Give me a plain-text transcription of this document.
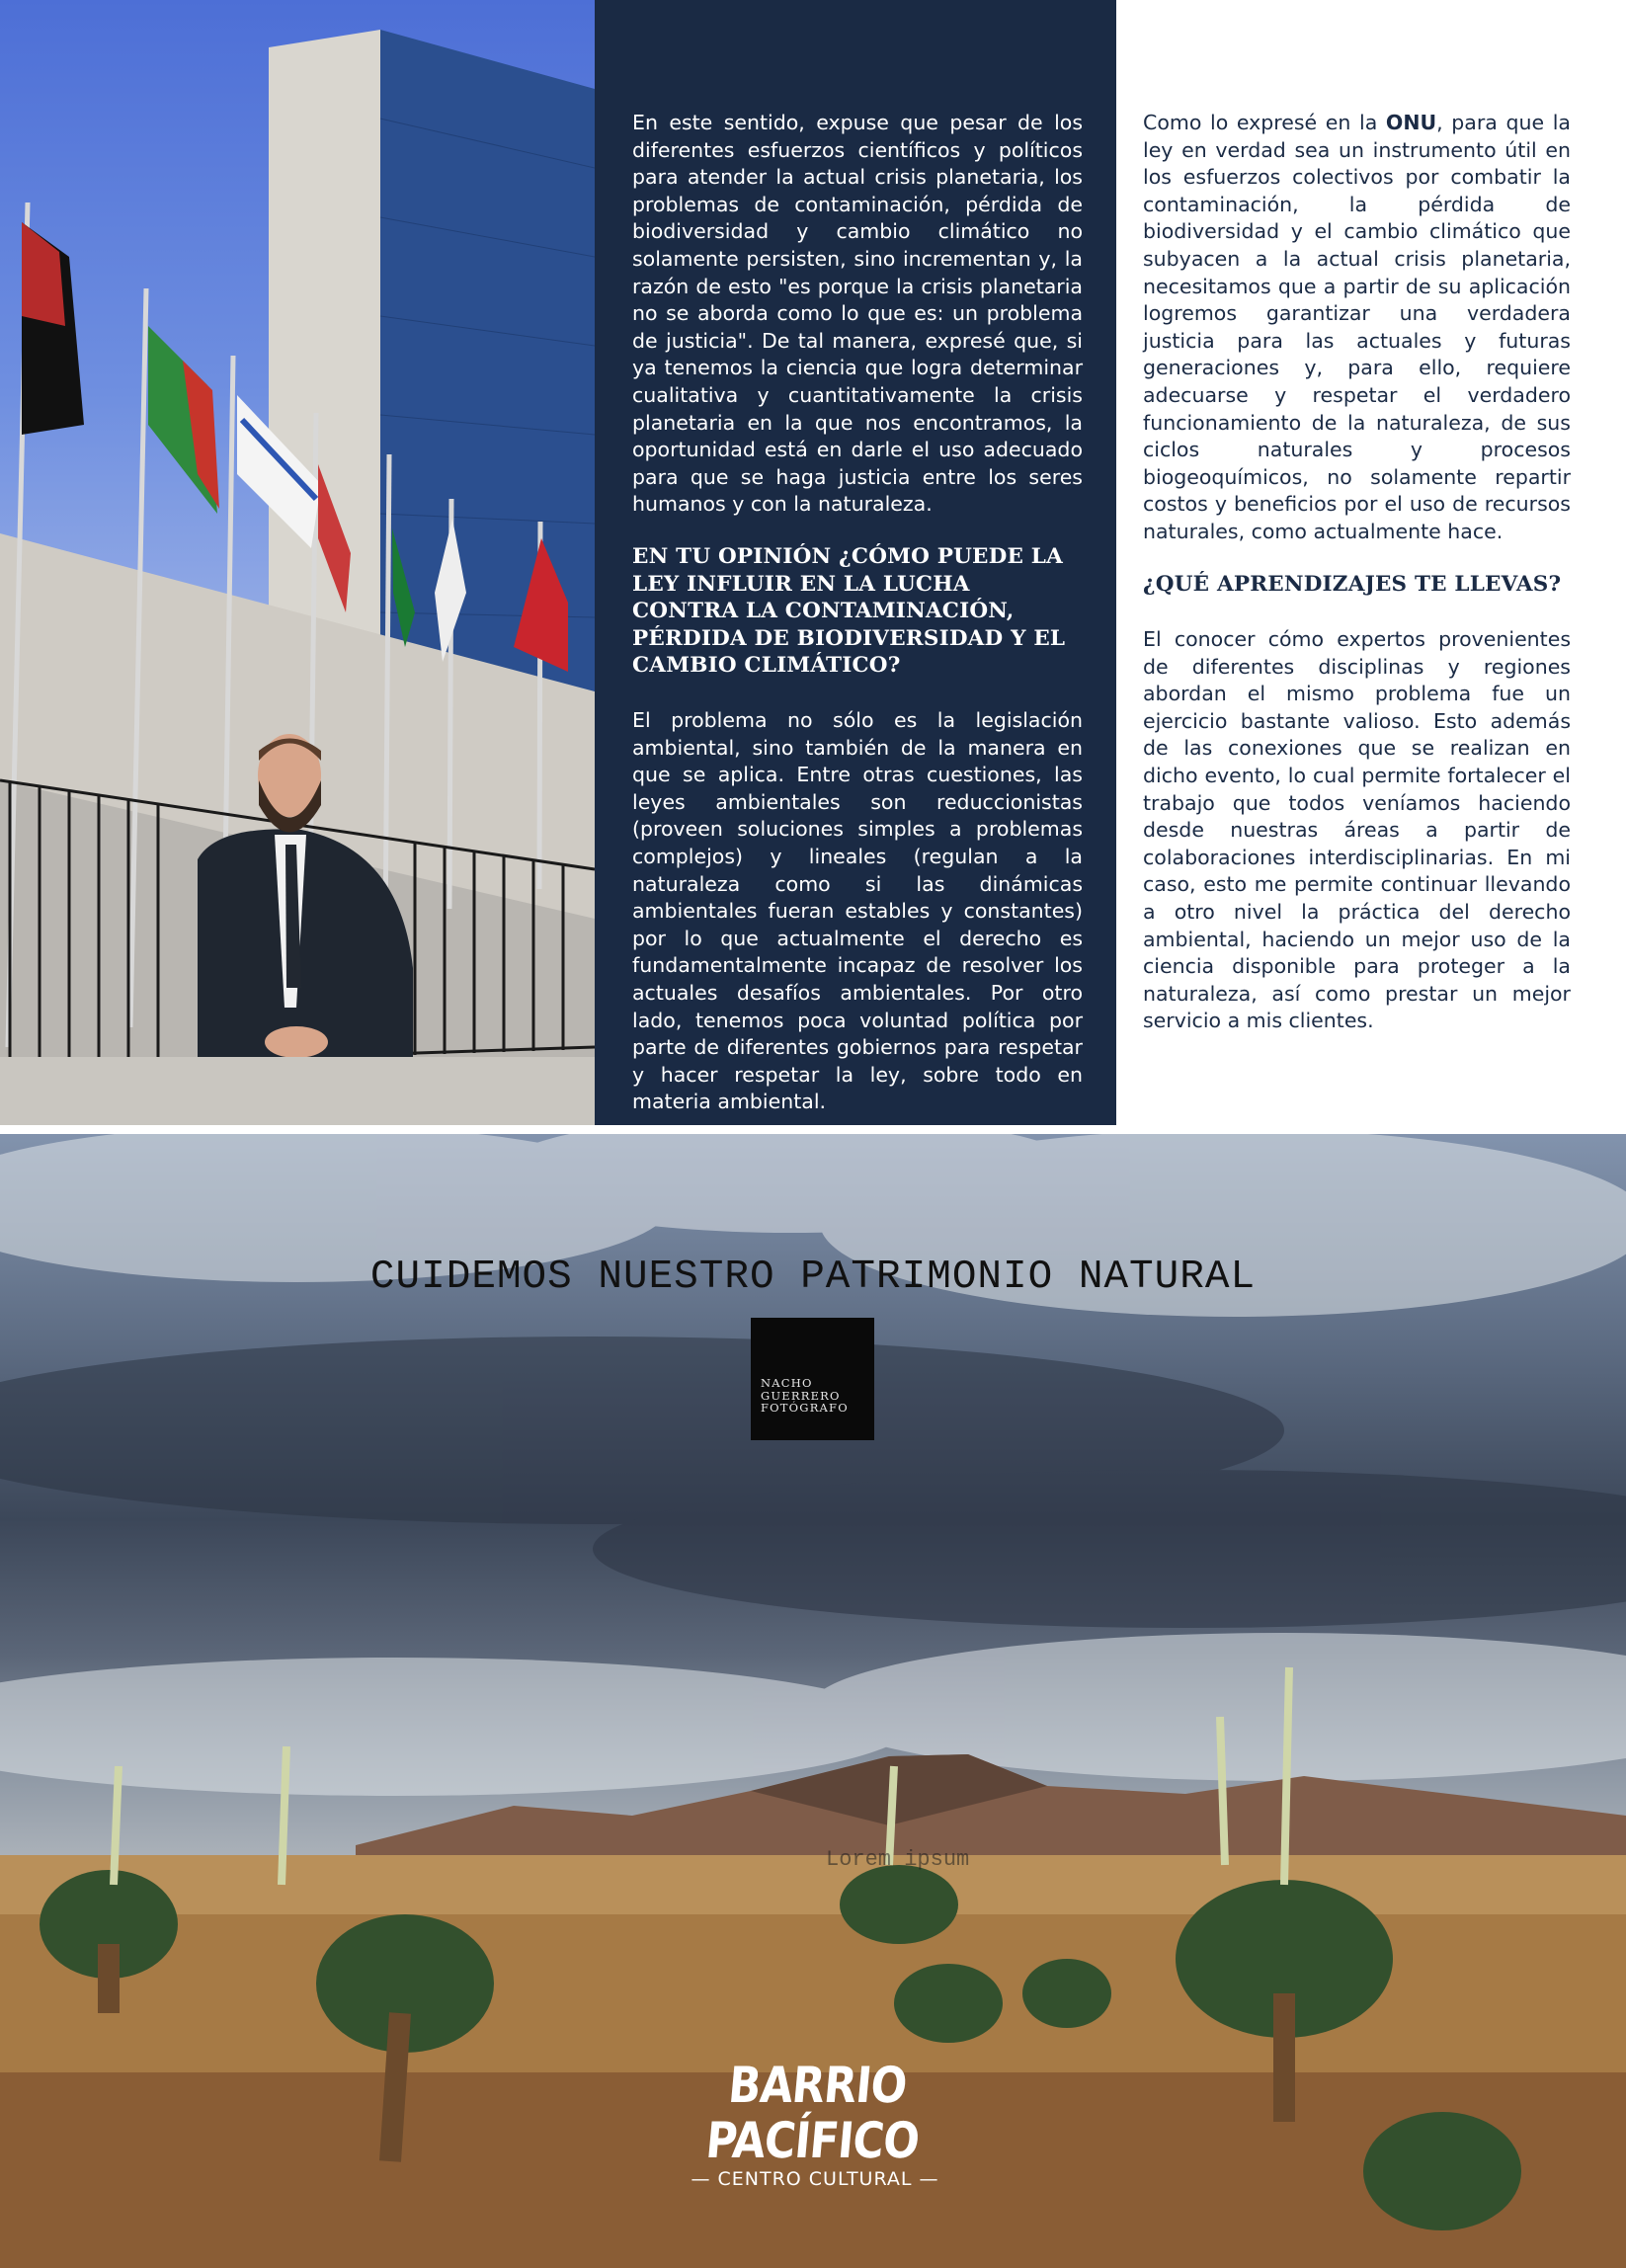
En este sentido, expuse que pesar de los diferentes esfuerzos científicos y políticos para atender la actual crisis planetaria, los problemas de contaminación, pérdida de biodiversidad y cambio climático no solamente persisten, sino incrementan y, la razón de esto "es porque la crisis planetaria no se aborda como lo que es: un problema de justicia". De tal manera, expresé que, si ya tenemos la ciencia que logra determinar cualitativa y cuantitativamente la crisis planetaria en la que nos encontramos, la oportunidad está en darle el uso adecuado para que se haga justicia entre los seres humanos y con la naturaleza.

EN TU OPINIÓN ¿CÓMO PUEDE LA LEY INFLUIR EN LA LUCHA CONTRA LA CONTAMINACIÓN, PÉRDIDA DE BIODIVERSIDAD Y EL CAMBIO CLIMÁTICO?

El problema no sólo es la legislación ambiental, sino también de la manera en que se aplica. Entre otras cuestiones, las leyes ambientales son reduccionistas (proveen soluciones simples a problemas complejos) y lineales (regulan a la naturaleza como si las dinámicas ambientales fueran estables y constantes) por lo que actualmente el derecho es fundamentalmente incapaz de resolver los actuales desafíos ambientales. Por otro lado, tenemos poca voluntad política por parte de diferentes gobiernos para respetar y hacer respetar la ley, sobre todo en materia ambiental.

Como lo expresé en la ONU, para que la ley en verdad sea un instrumento útil en los esfuerzos colectivos por combatir la contaminación, la pérdida de biodiversidad y el cambio climático que subyacen a la actual crisis planetaria, necesitamos que a partir de su aplicación logremos garantizar una verdadera justicia para las actuales y futuras generaciones y, para ello, requiere adecuarse y respetar el verdadero funcionamiento de la naturaleza, de sus ciclos naturales y procesos biogeoquímicos, no solamente repartir costos y beneficios por el uso de recursos naturales, como actualmente hace.

¿QUÉ APRENDIZAJES TE LLEVAS?

El conocer cómo expertos provenientes de diferentes disciplinas y regiones abordan el mismo problema fue un ejercicio bastante valioso. Esto además de las conexiones que se realizan en dicho evento, lo cual permite fortalecer el trabajo que todos veníamos haciendo desde nuestras áreas a partir de colaboraciones interdisciplinarias. En mi caso, esto me permite continuar llevando a otro nivel la práctica del derecho ambiental, haciendo un mejor uso de la ciencia disponible para proteger a la naturaleza, así como prestar un mejor servicio a mis clientes.

CUIDEMOS NUESTRO PATRIMONIO NATURAL

NACHO
GUERRERO
FOTÓGRAFO

Lorem ipsum
BARRIO PACÍFICO
— CENTRO CULTURAL —
